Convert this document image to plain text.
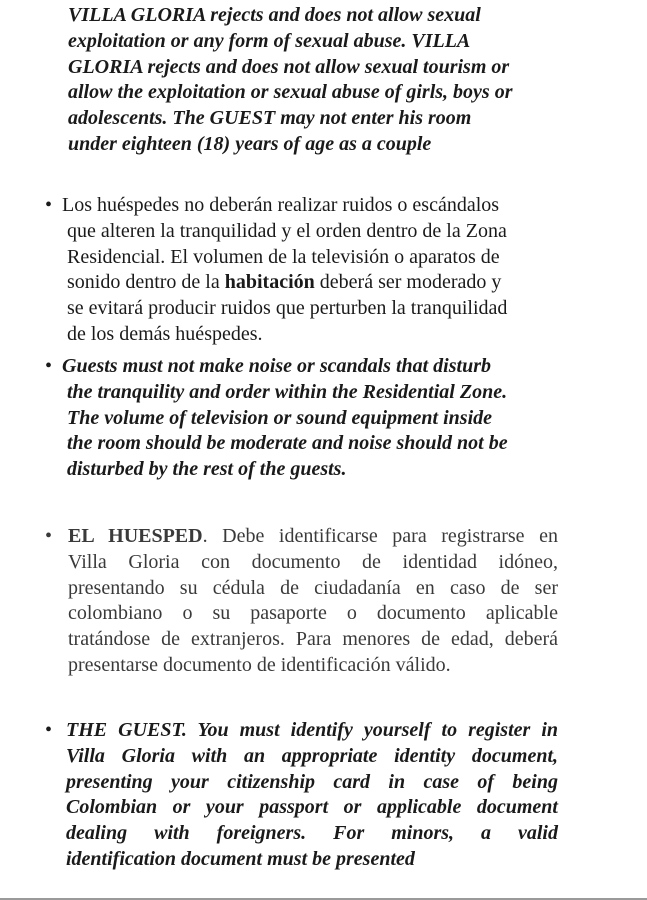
VILLA GLORIA rejects and does not allow sexual
exploitation or any form of sexual abuse. VILLA
GLORIA rejects and does not allow sexual tourism or
allow the exploitation or sexual abuse of girls, boys or
adolescents. The GUEST may not enter his room
under eighteen (18) years of age as a couple
• Los huéspedes no deberán realizar ruidos o escándalos
que alteren la tranquilidad y el orden dentro de la Zona
Residencial. El volumen de la televisión o aparatos de
sonido dentro de la habitación deberá ser moderado y
se evitará producir ruidos que perturben la tranquilidad
de los demás huéspedes.
• Guests must not make noise or scandals that disturb
the tranquility and order within the Residential Zone.
The volume of television or sound equipment inside
the room should be moderate and noise should not be
disturbed by the rest of the guests.
• EL HUESPED. Debe identificarse para registrarse en
Villa Gloria con documento de identidad idóneo,
presentando su cédula de ciudadanía en caso de ser
colombiano o su pasaporte o documento aplicable
tratándose de extranjeros. Para menores de edad, deberá
presentarse documento de identificación válido.
• THE GUEST. You must identify yourself to register in
Villa Gloria with an appropriate identity document,
presenting your citizenship card in case of being
Colombian or your passport or applicable document
dealing with foreigners. For minors, a valid
identification document must be presented
